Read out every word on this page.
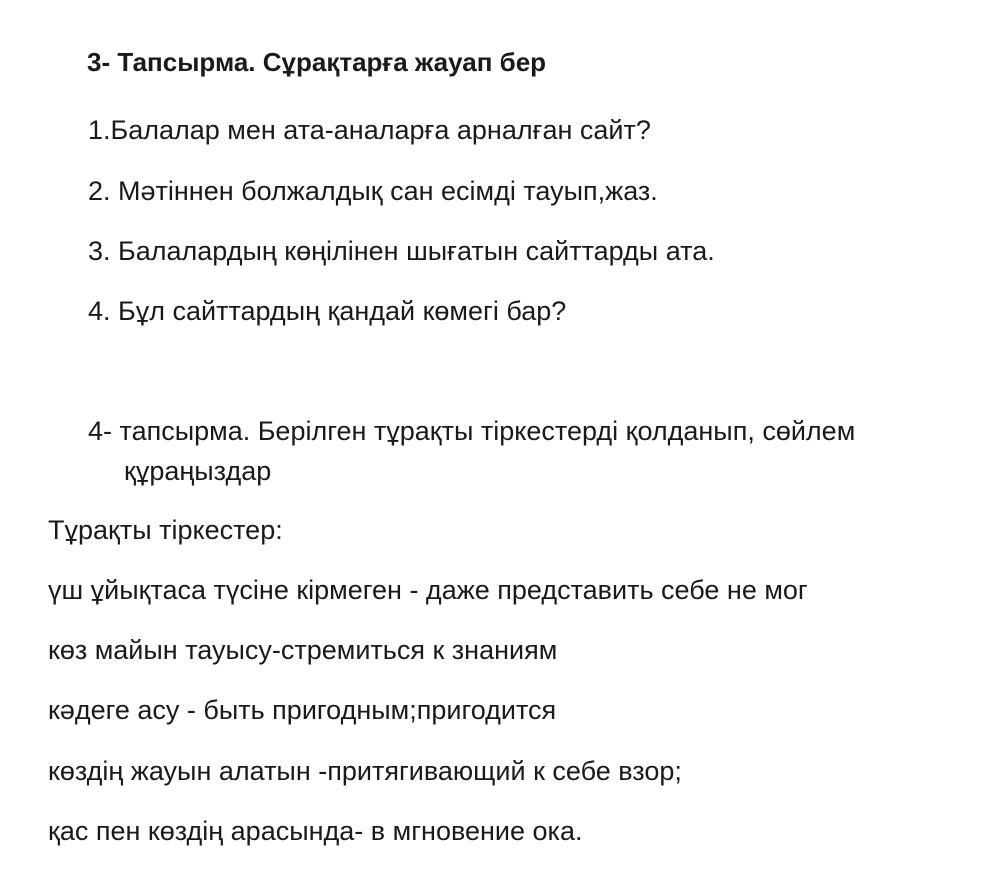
3- Тапсырма. Сұрақтарға жауап бер
1.Балалар мен ата-аналарға арналған сайт?
2. Мәтіннен болжалдық сан есімді тауып,жаз.
3. Балалардың көңілінен шығатын сайттарды ата.
4. Бұл сайттардың қандай көмегі бар?
4- тапсырма. Берілген тұрақты тіркестерді қолданып, сөйлем
құраңыздар
Тұрақты тіркестер:
үш ұйықтаса түсіне кірмеген - даже представить себе не мог
көз майын тауысу-стремиться к знаниям
кәдеге асу - быть пригодным;пригодится
көздің жауын алатын -притягивающий к себе взор;
қас пен көздің арасында- в мгновение ока.
